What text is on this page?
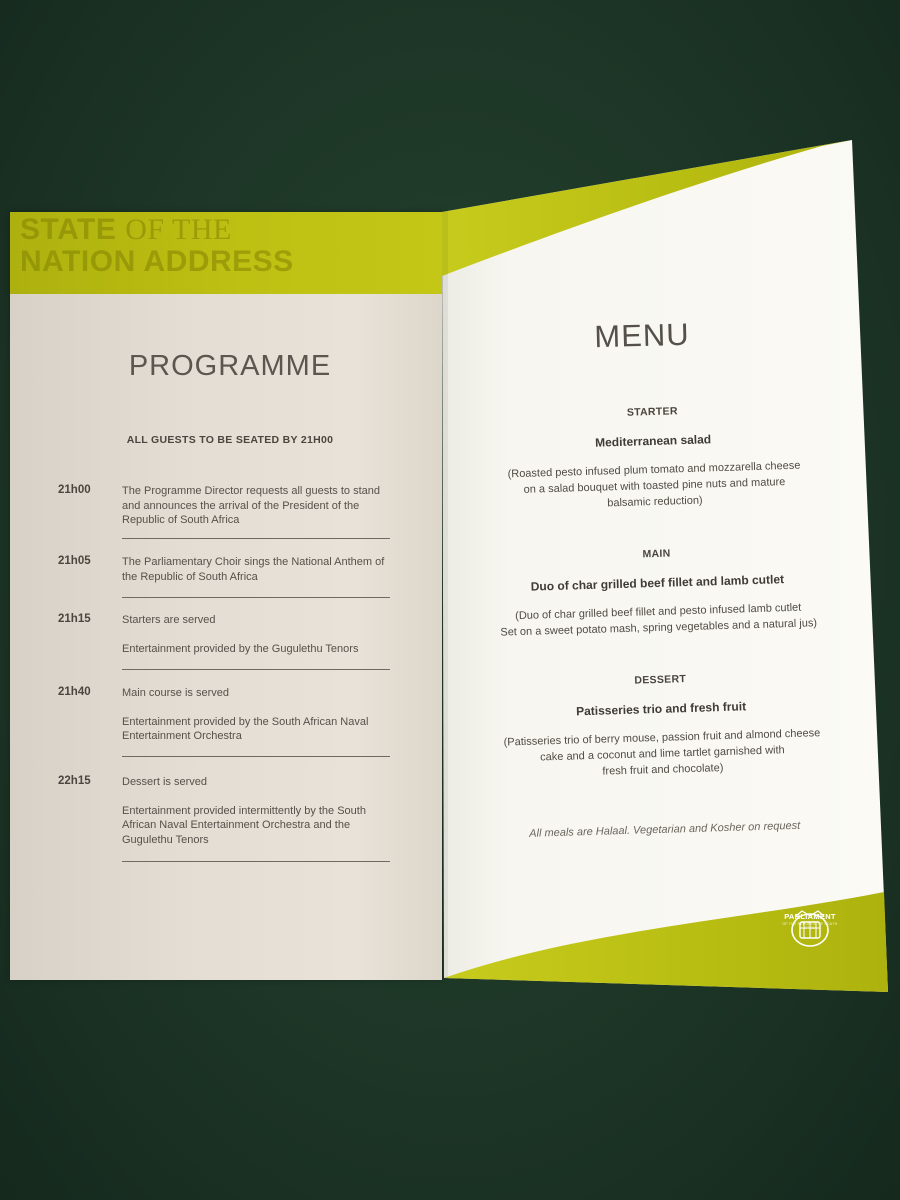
STATE OF THE
NATION ADDRESS
PROGRAMME
ALL GUESTS TO BE SEATED BY 21H00
21h00	The Programme Director requests all guests to stand and announces the arrival of the President of the Republic of South Africa

21h05	The Parliamentary Choir sings the National Anthem of the Republic of South Africa

21h15	Starters are served

Entertainment provided by the Gugulethu Tenors

21h40	Main course is served

Entertainment provided by the South African Naval Entertainment Orchestra

22h15	Dessert is served

Entertainment provided intermittently by the South African Naval Entertainment Orchestra and the Gugulethu Tenors

MENU

STARTER

Mediterranean salad

(Roasted pesto infused plum tomato and mozzarella cheese

on a salad bouquet with toasted pine nuts and mature

balsamic reduction)

MAIN

Duo of char grilled beef fillet and lamb cutlet

(Duo of char grilled beef fillet and pesto infused lamb cutlet

Set on a sweet potato mash, spring vegetables and a natural jus)

DESSERT

Patisseries trio and fresh fruit

(Patisseries trio of berry mouse, passion fruit and almond cheese

cake and a coconut and lime tartlet garnished with

fresh fruit and chocolate)

All meals are Halaal. Vegetarian and Kosher on request

PARLIAMENT
OF THE REPUBLIC OF SOUTH AFRICA
